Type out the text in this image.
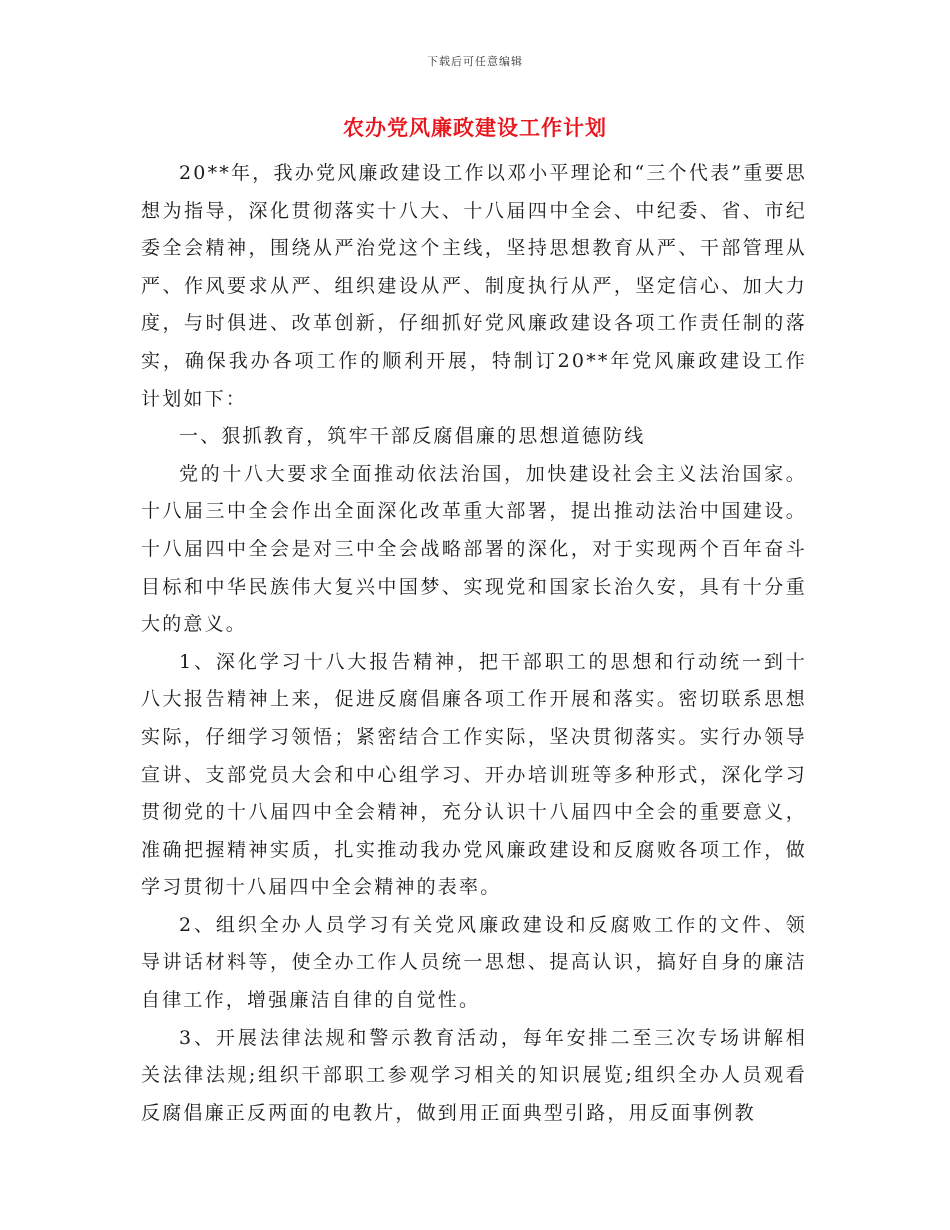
下载后可任意编辑
农办党风廉政建设工作计划

20**年，我办党风廉政建设工作以邓小平理论和“三个代表”重要思想为指导，深化贯彻落实十八大、十八届四中全会、中纪委、省、市纪委全会精神，围绕从严治党这个主线，坚持思想教育从严、干部管理从严、作风要求从严、组织建设从严、制度执行从严，坚定信心、加大力度，与时俱进、改革创新，仔细抓好党风廉政建设各项工作责任制的落实，确保我办各项工作的顺利开展，特制订20**年党风廉政建设工作计划如下：

一、狠抓教育，筑牢干部反腐倡廉的思想道德防线

党的十八大要求全面推动依法治国，加快建设社会主义法治国家。十八届三中全会作出全面深化改革重大部署，提出推动法治中国建设。十八届四中全会是对三中全会战略部署的深化，对于实现两个百年奋斗目标和中华民族伟大复兴中国梦、实现党和国家长治久安，具有十分重大的意义。

1、深化学习十八大报告精神，把干部职工的思想和行动统一到十八大报告精神上来，促进反腐倡廉各项工作开展和落实。密切联系思想实际，仔细学习领悟；紧密结合工作实际，坚决贯彻落实。实行办领导宣讲、支部党员大会和中心组学习、开办培训班等多种形式，深化学习贯彻党的十八届四中全会精神，充分认识十八届四中全会的重要意义，准确把握精神实质，扎实推动我办党风廉政建设和反腐败各项工作，做学习贯彻十八届四中全会精神的表率。

2、组织全办人员学习有关党风廉政建设和反腐败工作的文件、领导讲话材料等，使全办工作人员统一思想、提高认识，搞好自身的廉洁自律工作，增强廉洁自律的自觉性。

3、开展法律法规和警示教育活动，每年安排二至三次专场讲解相关法律法规;组织干部职工参观学习相关的知识展览;组织全办人员观看反腐倡廉正反两面的电教片，做到用正面典型引路，用反面事例教
